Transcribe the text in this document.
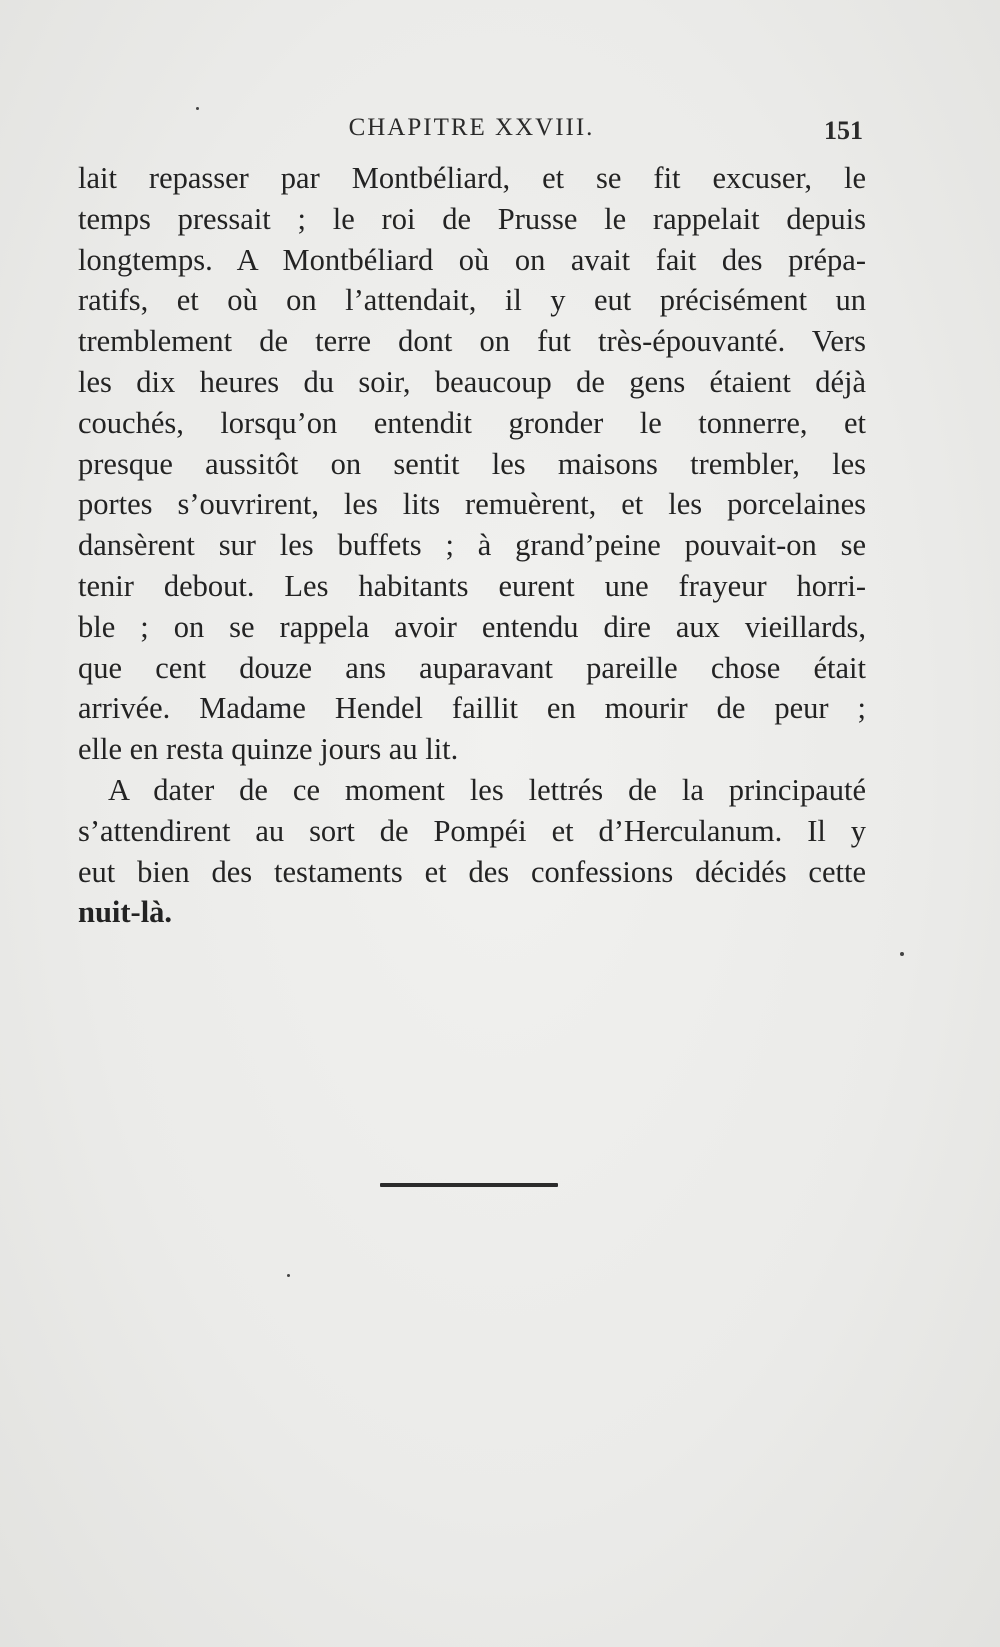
CHAPITRE XXVIII.	151
lait repasser par Montbéliard, et se fit excuser, le
temps pressait ; le roi de Prusse le rappelait depuis
longtemps. A Montbéliard où on avait fait des prépa-
ratifs, et où on l’attendait, il y eut précisément un
tremblement de terre dont on fut très-épouvanté. Vers
les dix heures du soir, beaucoup de gens étaient déjà
couchés, lorsqu’on entendit gronder le tonnerre, et
presque aussitôt on sentit les maisons trembler, les
portes s’ouvrirent, les lits remuèrent, et les porcelaines
dansèrent sur les buffets ; à grand’peine pouvait-on se
tenir debout. Les habitants eurent une frayeur horri-
ble ; on se rappela avoir entendu dire aux vieillards,
que cent douze ans auparavant pareille chose était
arrivée. Madame Hendel faillit en mourir de peur ;
elle en resta quinze jours au lit.
A dater de ce moment les lettrés de la principauté
s’attendirent au sort de Pompéi et d’Herculanum. Il y
eut bien des testaments et des confessions décidés cette
nuit-là.
